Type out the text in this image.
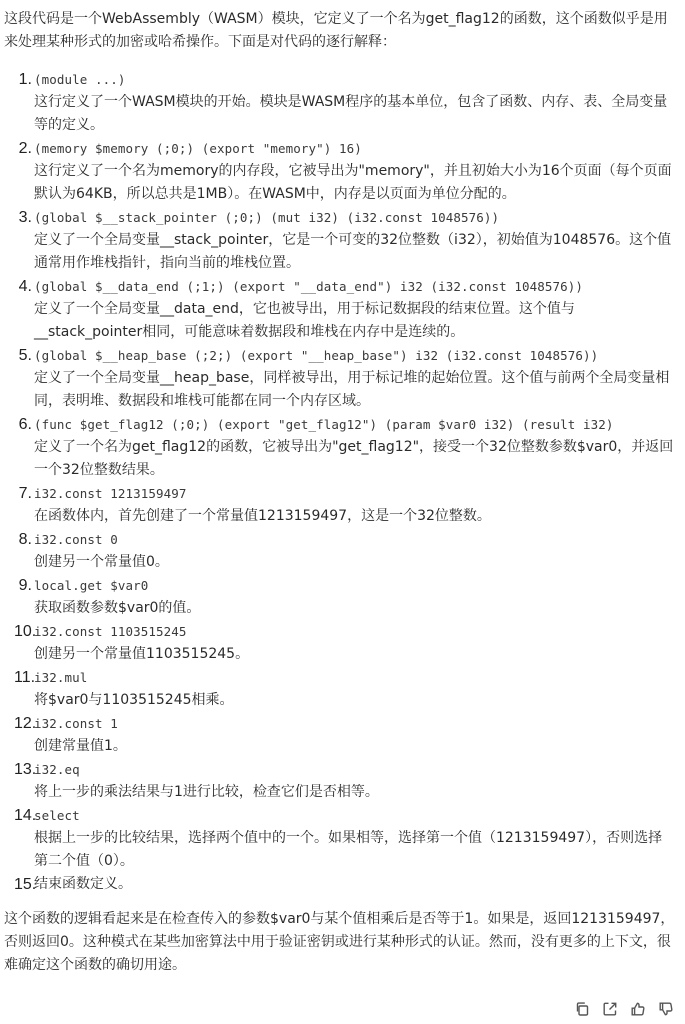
这段代码是一个WebAssembly（WASM）模块，它定义了一个名为get_flag12的函数，这个函数似乎是用来处理某种形式的加密或哈希操作。下面是对代码的逐行解释：

1. (module ...)
这行定义了一个WASM模块的开始。模块是WASM程序的基本单位，包含了函数、内存、表、全局变量等的定义。
2. (memory $memory (;0;) (export "memory") 16)
这行定义了一个名为memory的内存段，它被导出为"memory"，并且初始大小为16个页面（每个页面默认为64KB，所以总共是1MB）。在WASM中，内存是以页面为单位分配的。
3. (global $__stack_pointer (;0;) (mut i32) (i32.const 1048576))
定义了一个全局变量__stack_pointer，它是一个可变的32位整数（i32），初始值为1048576。这个值通常用作堆栈指针，指向当前的堆栈位置。
4. (global $__data_end (;1;) (export "__data_end") i32 (i32.const 1048576))
定义了一个全局变量__data_end，它也被导出，用于标记数据段的结束位置。这个值与__stack_pointer相同，可能意味着数据段和堆栈在内存中是连续的。
5. (global $__heap_base (;2;) (export "__heap_base") i32 (i32.const 1048576))
定义了一个全局变量__heap_base，同样被导出，用于标记堆的起始位置。这个值与前两个全局变量相同，表明堆、数据段和堆栈可能都在同一个内存区域。
6. (func $get_flag12 (;0;) (export "get_flag12") (param $var0 i32) (result i32)
定义了一个名为get_flag12的函数，它被导出为"get_flag12"，接受一个32位整数参数$var0，并返回一个32位整数结果。
7. i32.const 1213159497
在函数体内，首先创建了一个常量值1213159497，这是一个32位整数。
8. i32.const 0
创建另一个常量值0。
9. local.get $var0
获取函数参数$var0的值。
10.
i32.const 1103515245
创建另一个常量值1103515245。
11.
i32.mul
将$var0与1103515245相乘。
12.
i32.const 1
创建常量值1。
13.
i32.eq
将上一步的乘法结果与1进行比较，检查它们是否相等。
14.
select
根据上一步的比较结果，选择两个值中的一个。如果相等，选择第一个值（1213159497），否则选择第二个值（0）。
15.
结束函数定义。

这个函数的逻辑看起来是在检查传入的参数$var0与某个值相乘后是否等于1。如果是，返回1213159497，否则返回0。这种模式在某些加密算法中用于验证密钥或进行某种形式的认证。然而，没有更多的上下文，很难确定这个函数的确切用途。
